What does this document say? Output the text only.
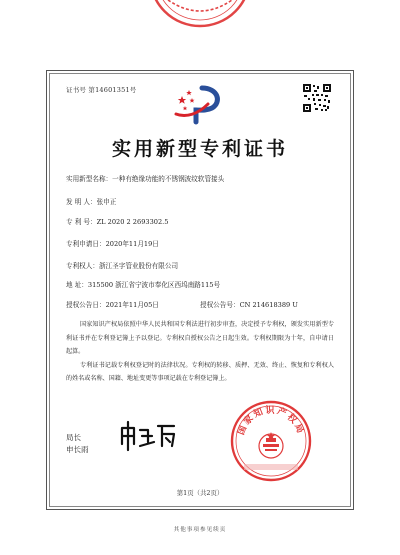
证书号 第14601351号
实用新型专利证书
实用新型名称：一种有绝缘功能的不锈钢波纹软管接头
发 明 人：张申正
专 利 号：ZL 2020 2 2693302.5
专利申请日：2020年11月19日
专利权人：浙江圣字管业股份有限公司
地 址：315500 浙江省宁波市奉化区西坞南路115号
授权公告日：2021年11月05日	授权公告号：CN 214618389 U

国家知识产权局依照中华人民共和国专利法进行初步审查，决定授予专利权，颁发实用新型专利证书并在专利登记簿上予以登记。专利权自授权公告之日起生效。专利权期限为十年，自申请日起算。

专利证书记载专利权登记时的法律状况。专利权的转移、质押、无效、终止、恢复和专利权人的姓名或名称、国籍、地址变更等事项记载在专利登记簿上。

国家知识产权局
局长
申长雨
第1页（共2页）
其他事项参见续页
